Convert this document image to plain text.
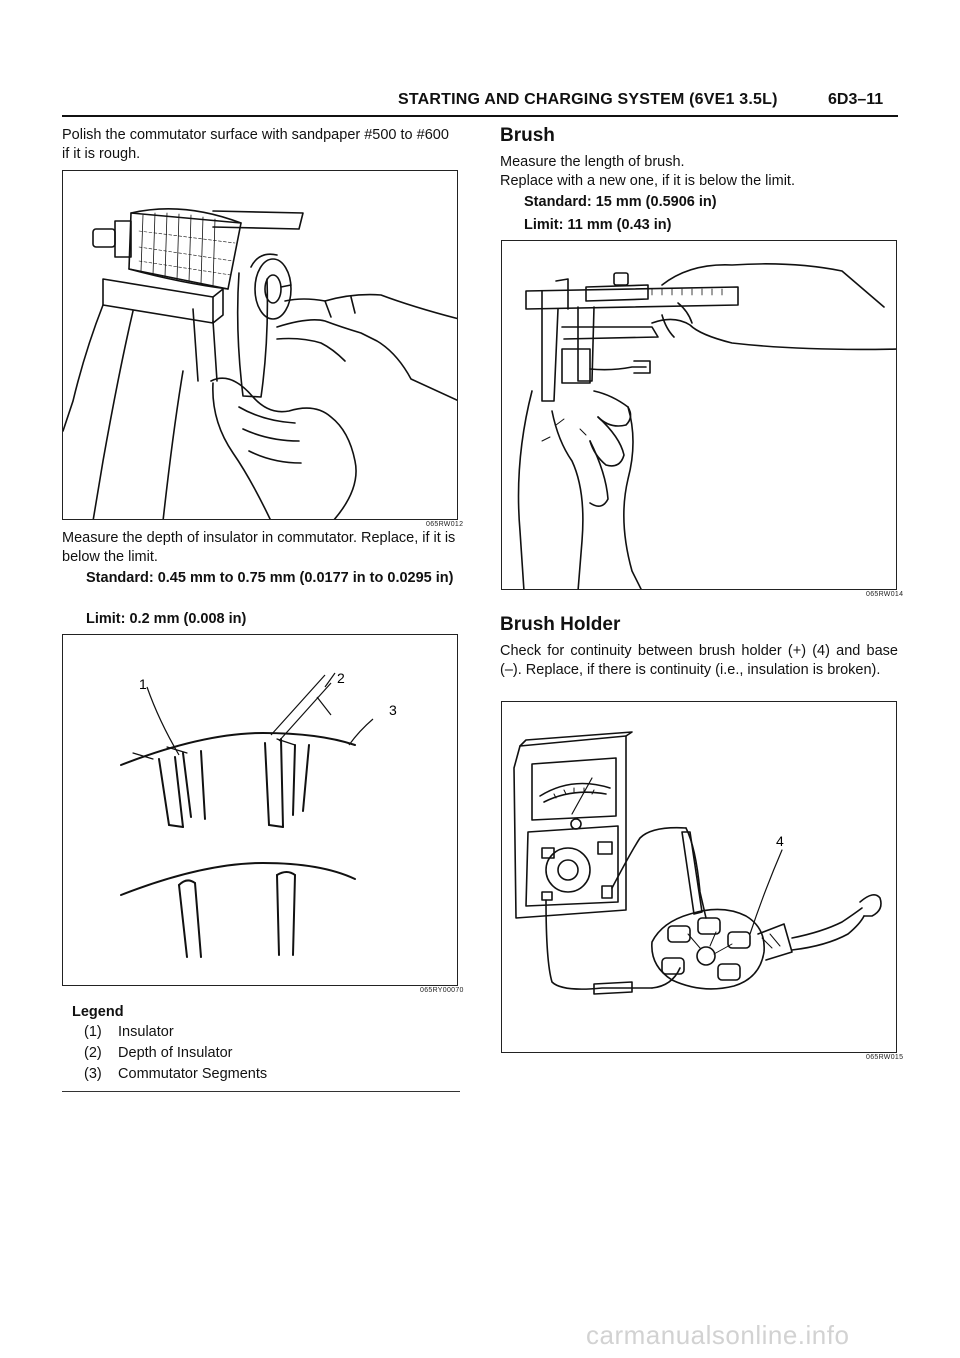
STARTING AND CHARGING SYSTEM (6VE1 3.5L)	6D3–11
Polish the commutator surface with sandpaper #500 to #600 if it is rough.
065RW012
Measure the depth of insulator in commutator. Replace, if it is below the limit.
Standard: 0.45 mm to 0.75 mm (0.0177 in to 0.0295 in)
Limit: 0.2 mm (0.008 in)
1	2
3
065RY00070
Legend
(1) Insulator
(2) Depth of Insulator
(3) Commutator Segments
Brush
Measure the length of brush.
Replace with a new one, if it is below the limit.
Standard: 15 mm (0.5906 in)
Limit: 11 mm (0.43 in)
065RW014
Brush Holder
Check for continuity between brush holder (+) (4) and base (–). Replace, if there is continuity (i.e., insulation is broken).
4
065RW015
carmanualsonline.info
